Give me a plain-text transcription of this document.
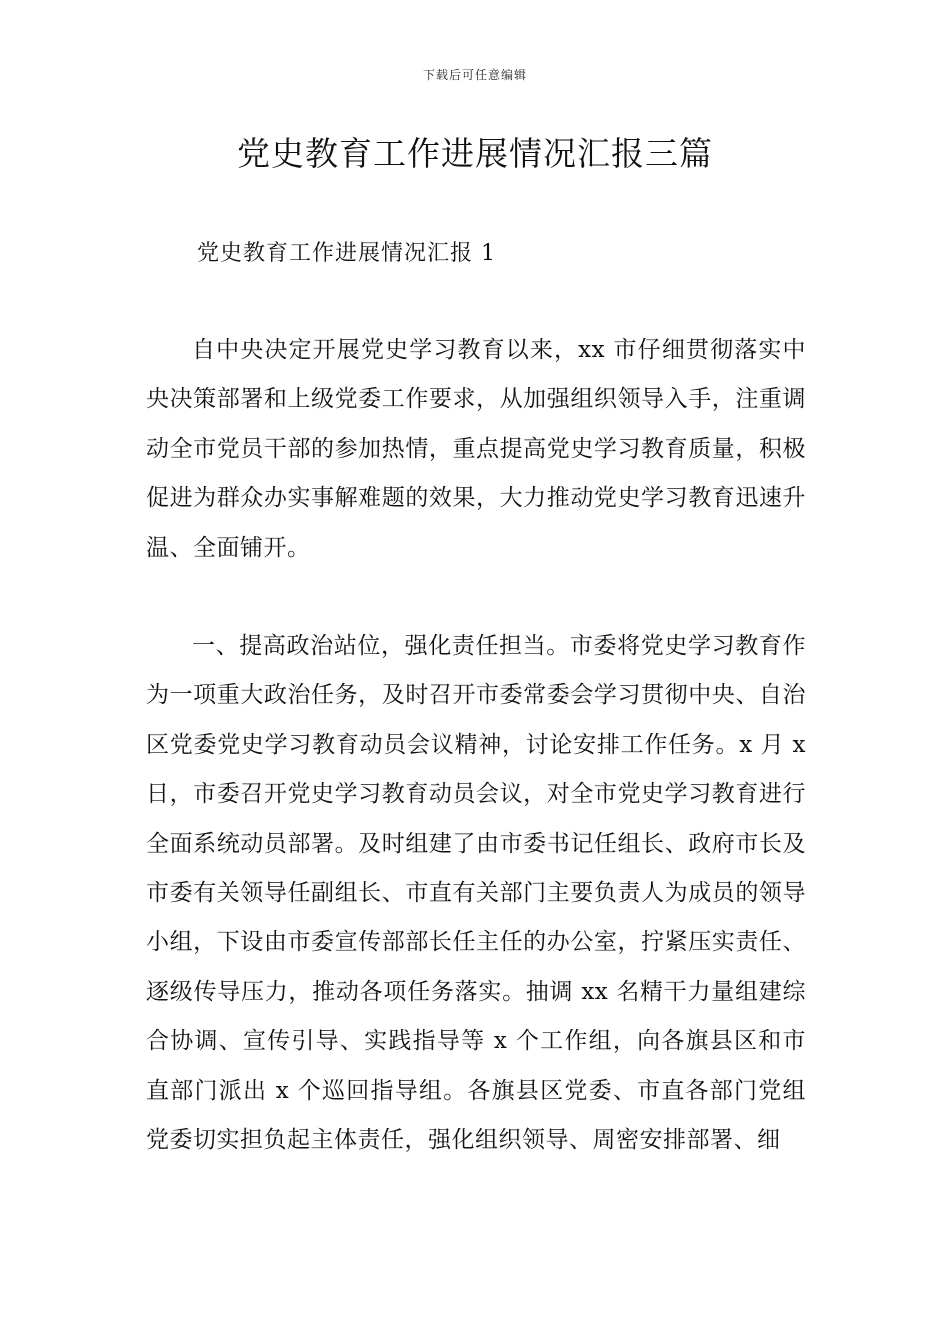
下载后可任意编辑
党史教育工作进展情况汇报三篇
党史教育工作进展情况汇报 1

自中央决定开展党史学习教育以来，xx 市仔细贯彻落实中央决策部署和上级党委工作要求，从加强组织领导入手，注重调动全市党员干部的参加热情，重点提高党史学习教育质量，积极促进为群众办实事解难题的效果，大力推动党史学习教育迅速升温、全面铺开。

一、提高政治站位，强化责任担当。市委将党史学习教育作为一项重大政治任务，及时召开市委常委会学习贯彻中央、自治区党委党史学习教育动员会议精神，讨论安排工作任务。x 月 x 日，市委召开党史学习教育动员会议，对全市党史学习教育进行全面系统动员部署。及时组建了由市委书记任组长、政府市长及市委有关领导任副组长、市直有关部门主要负责人为成员的领导小组，下设由市委宣传部部长任主任的办公室，拧紧压实责任、逐级传导压力，推动各项任务落实。抽调 xx 名精干力量组建综合协调、宣传引导、实践指导等 x 个工作组，向各旗县区和市直部门派出 x 个巡回指导组。各旗县区党委、市直各部门党组党委切实担负起主体责任，强化组织领导、周密安排部署、细
